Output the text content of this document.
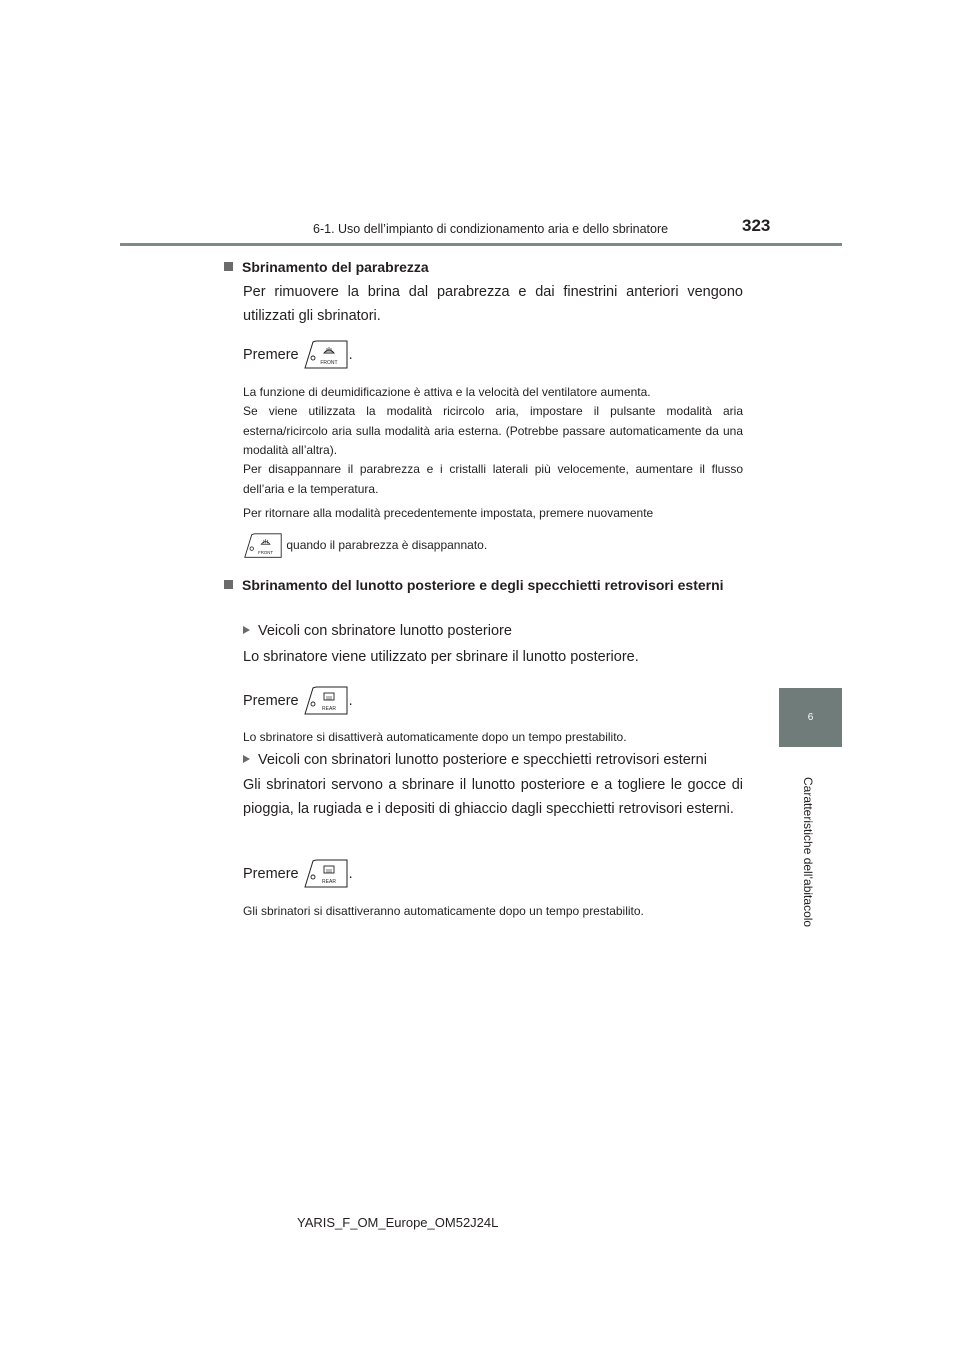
6-1. Uso dell’impianto di condizionamento aria e dello sbrinatore	323
6
Caratteristiche dell’abitacolo
Sbrinamento del parabrezza
Per rimuovere la brina dal parabrezza e dai finestrini anteriori vengono utilizzati gli sbrinatori.
Premere
FRONT
.
La funzione di deumidificazione è attiva e la velocità del ventilatore aumenta.
Se viene utilizzata la modalità ricircolo aria, impostare il pulsante modalità aria esterna/ricircolo aria sulla modalità aria esterna. (Potrebbe passare automaticamente da una modalità all’altra).
Per disappannare il parabrezza e i cristalli laterali più velocemente, aumentare il flusso dell’aria e la temperatura.
Per ritornare alla modalità precedentemente impostata, premere nuovamente
FRONT
quando il parabrezza è disappannato.
Sbrinamento del lunotto posteriore e degli specchietti retrovisori esterni
Veicoli con sbrinatore lunotto posteriore
Lo sbrinatore viene utilizzato per sbrinare il lunotto posteriore.
Premere
REAR
.
Lo sbrinatore si disattiverà automaticamente dopo un tempo prestabilito.
Veicoli con sbrinatori lunotto posteriore e specchietti retrovisori esterni
Gli sbrinatori servono a sbrinare il lunotto posteriore e a togliere le gocce di pioggia, la rugiada e i depositi di ghiaccio dagli specchietti retrovisori esterni.
Premere
REAR
.
Gli sbrinatori si disattiveranno automaticamente dopo un tempo prestabilito.
YARIS_F_OM_Europe_OM52J24L
